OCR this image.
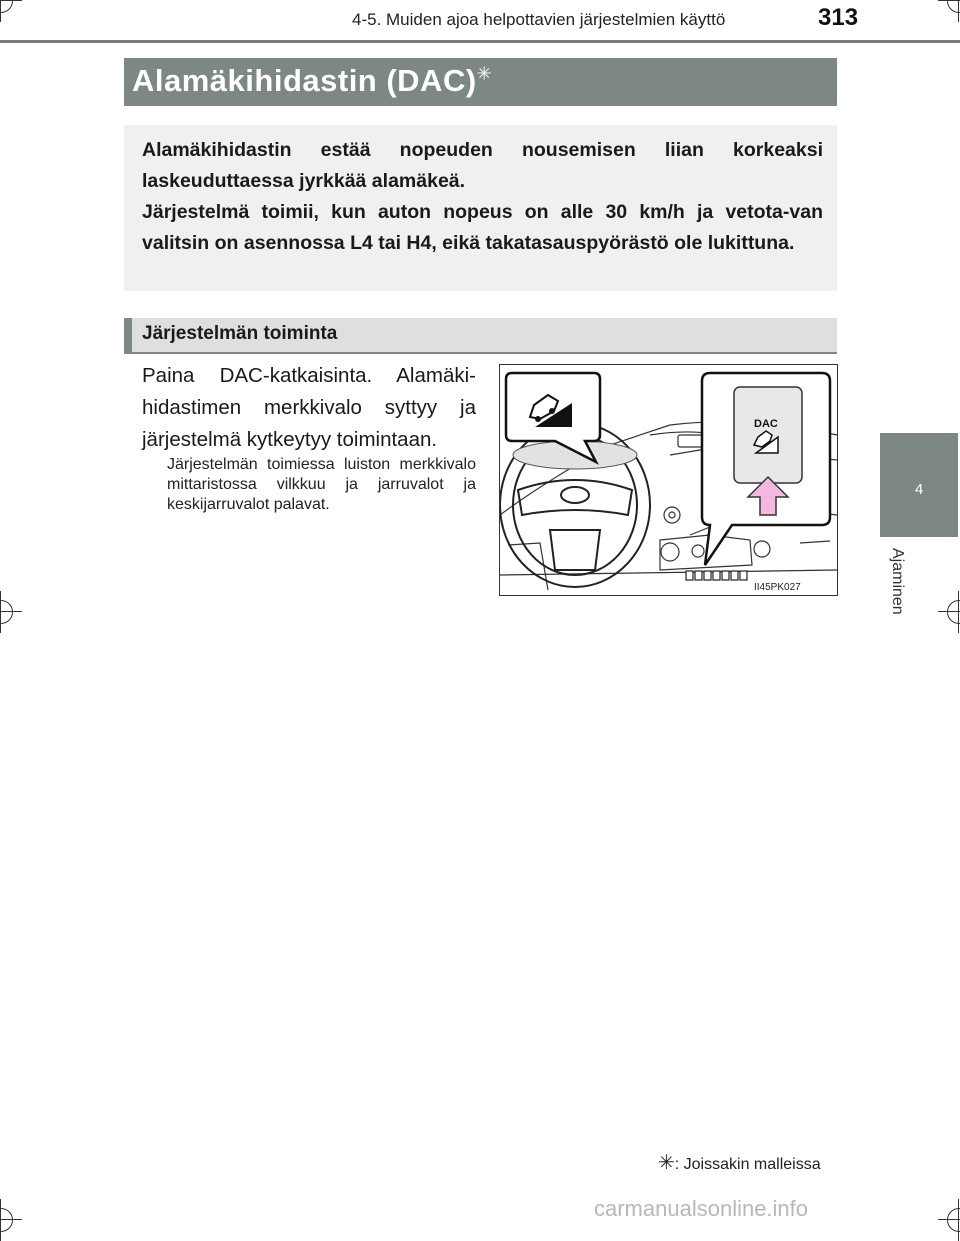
4-5. Muiden ajoa helpottavien järjestelmien käyttö	313
Alamäkihidastin (DAC)✳

Alamäkihidastin estää nopeuden nousemisen liian korkeaksi laskeuduttaessa jyrkkää alamäkeä.

Järjestelmä toimii, kun auton nopeus on alle 30 km/h ja vetota-van valitsin on asennossa L4 tai H4, eikä takatasauspyörästö ole lukittuna.

Järjestelmän toiminta
Paina DAC-katkaisinta. Alamäki-hidastimen merkkivalo syttyy ja järjestelmä kytkeytyy toimintaan.
Järjestelmän toimiessa luiston merkkivalo mittaristossa vilkkuu ja jarruvalot ja keskijarruvalot palavat.
DAC
II45PK027
4
Ajaminen
✳: Joissakin malleissa
carmanualsonline.info
